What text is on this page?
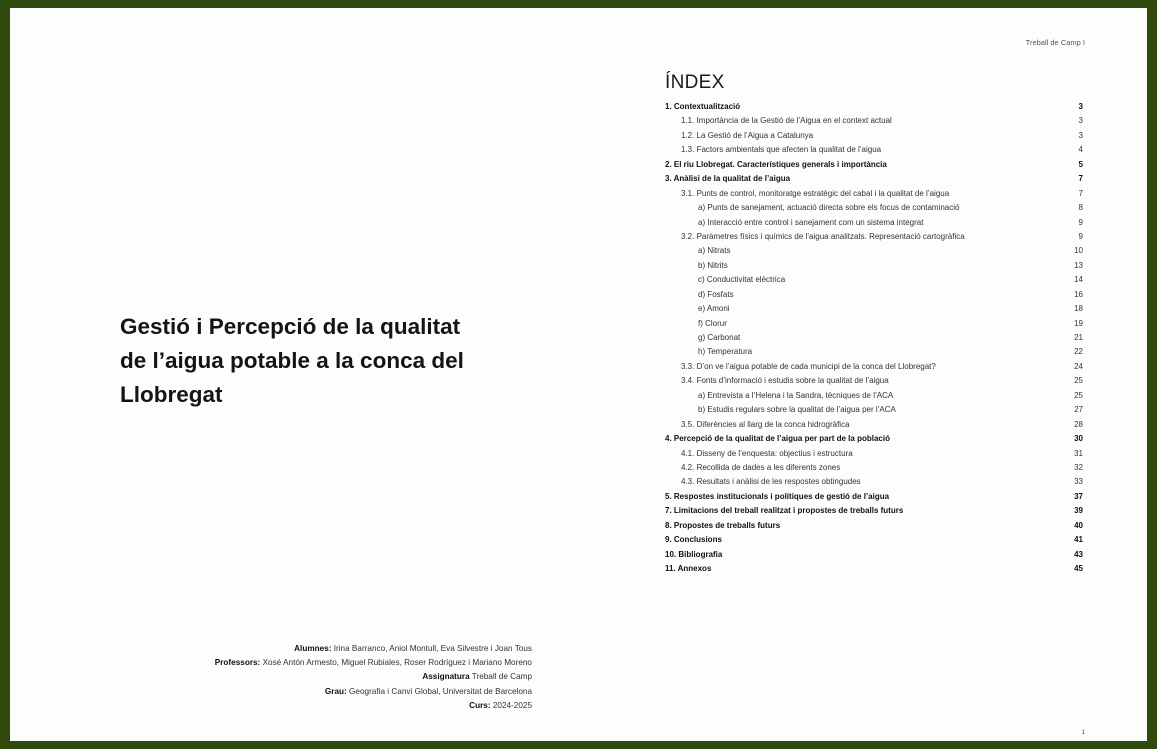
Gestió i Percepció de la qualitat
de l’aigua potable a la conca del
Llobregat
Alumnes: Irina Barranco, Aniol Montull, Eva Silvestre i Joan Tous
Professors: Xosé Antón Armesto, Miguel Rubiales, Roser Rodríguez i Mariano Moreno
Assignatura Treball de Camp
Grau: Geografia i Canvi Global, Universitat de Barcelona
Curs: 2024-2025
Treball de Camp I
ÍNDEX
1. Contextualització	3
1.1. Importància de la Gestió de l’Aigua en el context actual	3
1.2. La Gestió de l’Aigua a Catalunya	3
1.3. Factors ambientals que afecten la qualitat de l’aigua	4
2. El riu Llobregat. Característiques generals i importància	5
3. Anàlisi de la qualitat de l’aigua	7
3.1. Punts de control, monitoratge estratègic del cabal i la qualitat de l’aigua	7
a) Punts de sanejament, actuació directa sobre els focus de contaminació	8
a) Interacció entre control i sanejament com un sistema integrat	9
3.2. Paràmetres físics i químics de l’aigua analitzats. Representació cartogràfica	9
a) Nitrats	10
b) Nitrits	13
c) Conductivitat elèctrica	14
d) Fosfats	16
e) Amoni	18
f) Clorur	19
g) Carbonat	21
h) Temperatura	22
3.3. D’on ve l’aigua potable de cada municipi de la conca del Llobregat?	24
3.4. Fonts d’informació i estudis sobre la qualitat de l’aigua	25
a) Entrevista a l’Helena i la Sandra, tècniques de l’ACA	25
b) Estudis regulars sobre la qualitat de l’aigua per l’ACA	27
3.5. Diferències al llarg de la conca hidrogràfica	28
4. Percepció de la qualitat de l’aigua per part de la població	30
4.1. Disseny de l’enquesta: objectius i estructura	31
4.2. Recollida de dades a les diferents zones	32
4.3. Resultats i anàlisi de les respostes obtingudes	33
5. Respostes institucionals i polítiques de gestió de l’aigua	37
7. Limitacions del treball realitzat i propostes de treballs futurs	39
8. Propostes de treballs futurs	40
9. Conclusions	41
10. Bibliografia	43
11. Annexos	45
1
